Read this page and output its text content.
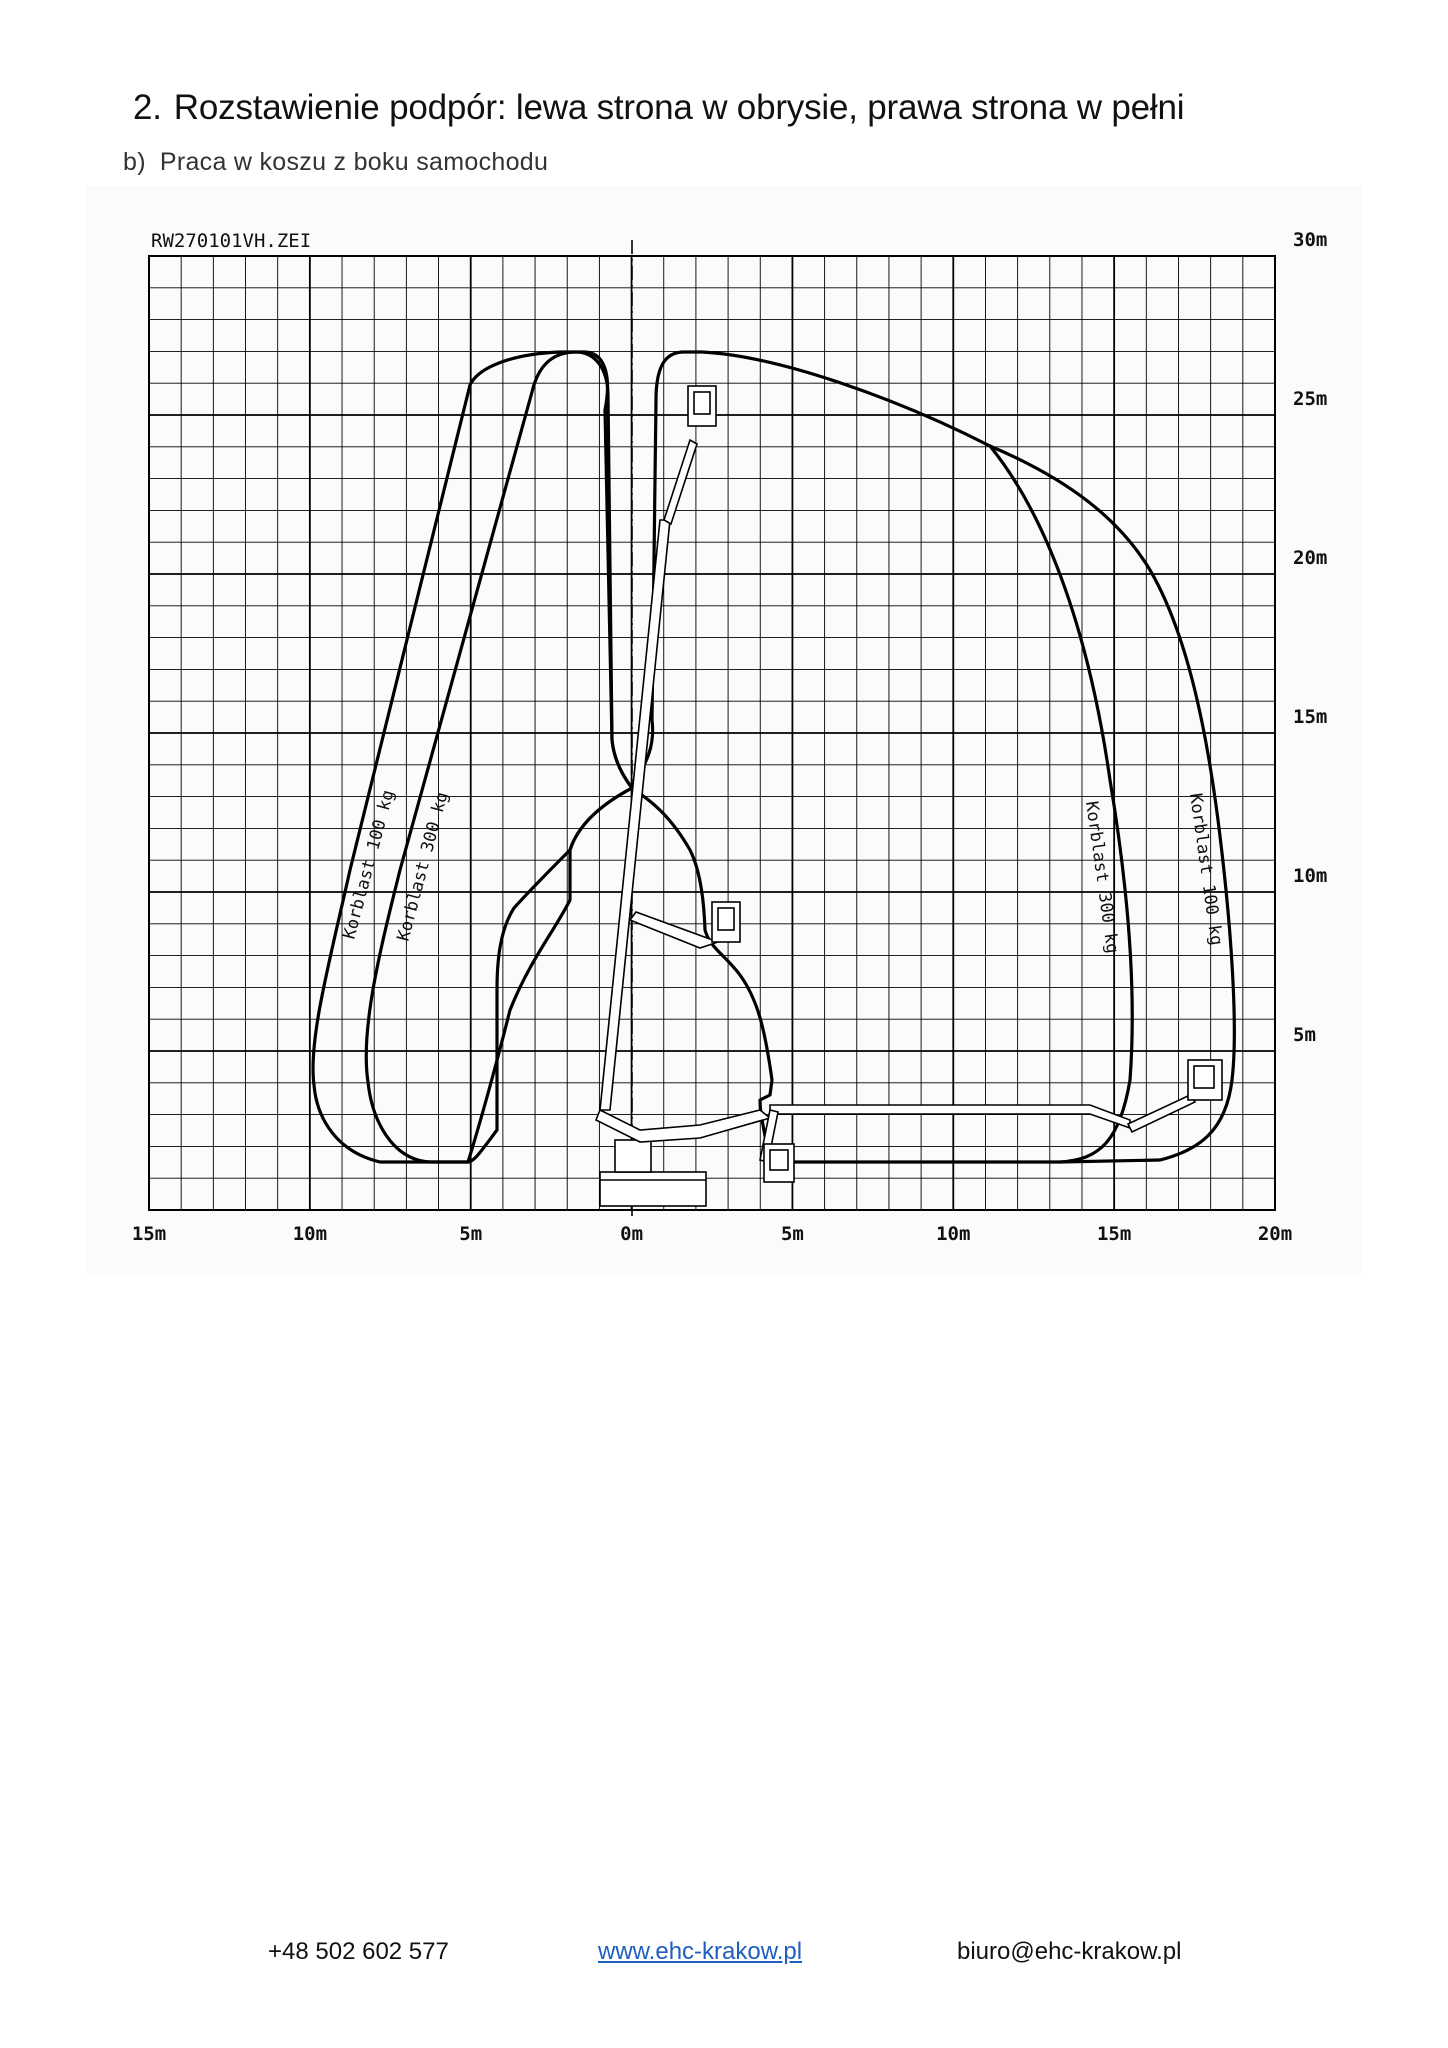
2. Rozstawienie podpór: lewa strona w obrysie, prawa strona w pełni
b) Praca w koszu z boku samochodu
RW270101VH.ZEI
15m	10m	5m	0m	5m	10m	15m	20m
5m
10m
15m
20m
25m
30m
Korblast 100 kg
Korblast 300 kg	Korblast 300 kg	Korblast 100 kg
+48 502 602 577	www.ehc-krakow.pl	biuro@ehc-krakow.pl
